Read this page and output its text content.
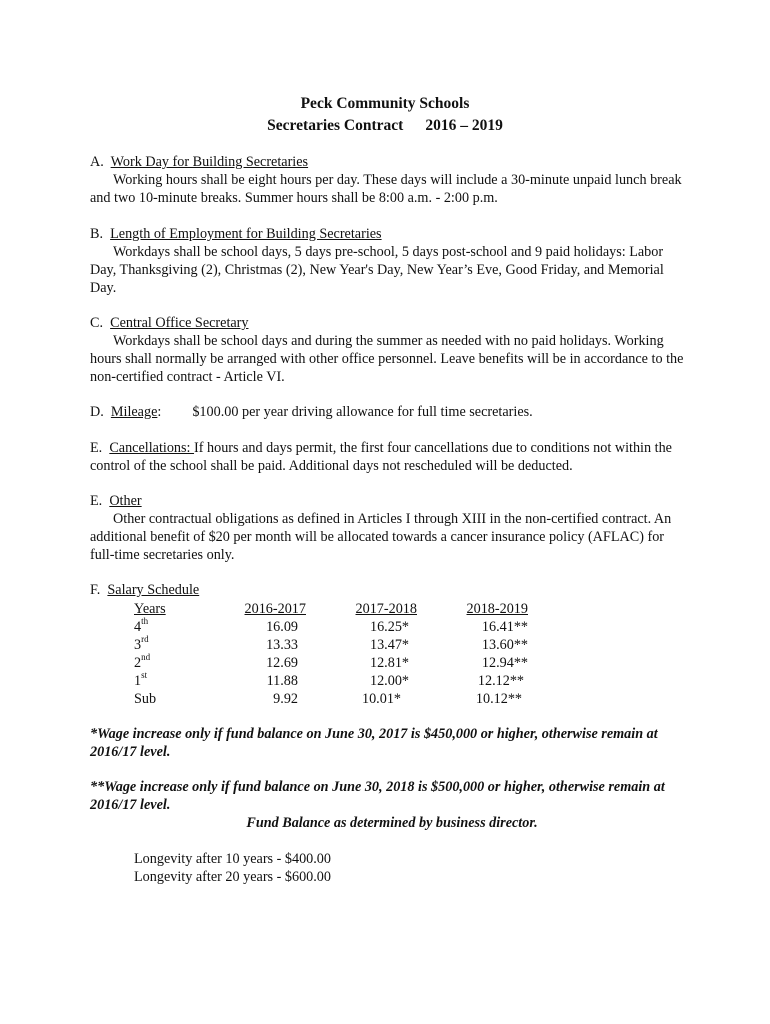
Peck Community Schools
Secretaries Contract 2016 – 2019

A. Work Day for Building Secretaries

Working hours shall be eight hours per day. These days will include a 30-minute unpaid lunch break and two 10-minute breaks. Summer hours shall be 8:00 a.m. - 2:00 p.m.

B. Length of Employment for Building Secretaries

Workdays shall be school days, 5 days pre-school, 5 days post-school and 9 paid holidays: Labor Day, Thanksgiving (2), Christmas (2), New Year's Day, New Year’s Eve, Good Friday, and Memorial Day.

C. Central Office Secretary

Workdays shall be school days and during the summer as needed with no paid holidays. Working hours shall normally be arranged with other office personnel. Leave benefits will be in accordance to the non-certified contract - Article VI.

D. Mileage: $100.00 per year driving allowance for full time secretaries.

E. Cancellations: If hours and days permit, the first four cancellations due to conditions not within the control of the school shall be paid. Additional days not rescheduled will be deducted.

E. Other

Other contractual obligations as defined in Articles I through XIII in the non-certified contract. An additional benefit of $20 per month will be allocated towards a cancer insurance policy (AFLAC) for full-time secretaries only.

F. Salary Schedule

Years	2016-2017	2017-2018	2018-2019
4th	16.09	16.25*	16.41**
3rd	13.33	13.47*	13.60**
2nd	12.69	12.81*	12.94**
1st	11.88	12.00*	12.12**
Sub	9.92	10.01*	10.12**
*Wage increase only if fund balance on June 30, 2017 is $450,000 or higher, otherwise remain at 2016/17 level.
**Wage increase only if fund balance on June 30, 2018 is $500,000 or higher, otherwise remain at 2016/17 level.
Fund Balance as determined by business director.
Longevity after 10 years - $400.00
Longevity after 20 years - $600.00
